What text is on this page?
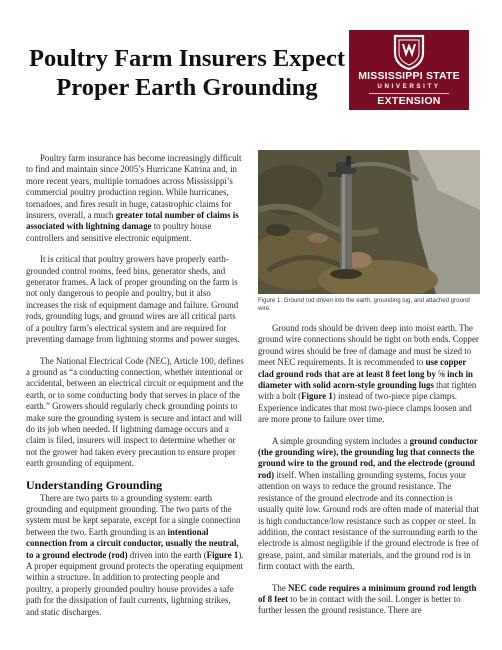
Poultry Farm Insurers Expect
Proper Earth Grounding	MISSISSIPPI STATE
UNIVERSITY
EXTENSION

Poultry farm insurance has become increasingly difficult to find and maintain since 2005’s Hurricane Katrina and, in more recent years, multiple tornadoes across Mississippi’s commercial poultry production region. While hurricanes, tornadoes, and fires result in huge, catastrophic claims for insurers, overall, a much greater total number of claims is associated with lightning damage to poultry house controllers and sensitive electronic equipment.

It is critical that poultry growers have properly earth-grounded control rooms, feed bins, generator sheds, and generator frames. A lack of proper grounding on the farm is not only dangerous to people and poultry, but it also increases the risk of equipment damage and failure. Ground rods, grounding lugs, and ground wires are all critical parts of a poultry farm’s electrical system and are required for preventing damage from lightning storms and power surges.

The National Electrical Code (NEC), Article 100, defines a ground as “a conducting connection, whether intentional or accidental, between an electrical circuit or equipment and the earth, or to some conducting body that serves in place of the earth.” Growers should regularly check grounding points to make sure the grounding system is secure and intact and will do its job when needed. If lightning damage occurs and a claim is filed, insurers will inspect to determine whether or not the grower had taken every precaution to ensure proper earth grounding of equipment.

Understanding Grounding

There are two parts to a grounding system: earth grounding and equipment grounding. The two parts of the system must be kept separate, except for a single connection between the two. Earth grounding is an intentional connection from a circuit conductor, usually the neutral, to a ground electrode (rod) driven into the earth (Figure 1). A proper equipment ground protects the operating equipment within a structure. In addition to protecting people and poultry, a properly grounded poultry house provides a safe path for the dissipation of fault currents, lightning strikes, and static discharges.

Figure 1. Ground rod driven into the earth, grounding lug, and attached ground wire.

Ground rods should be driven deep into moist earth. The ground wire connections should be tight on both ends. Copper ground wires should be free of damage and must be sized to meet NEC requirements. It is recommended to use copper clad ground rods that are at least 8 feet long by ⅝ inch in diameter with solid acorn-style grounding lugs that tighten with a bolt (Figure 1) instead of two-piece pipe clamps. Experience indicates that most two-piece clamps loosen and are more prone to failure over time.

A simple grounding system includes a ground conductor (the grounding wire), the grounding lug that connects the ground wire to the ground rod, and the electrode (ground rod) itself. When installing grounding systems, focus your attention on ways to reduce the ground resistance. The resistance of the ground electrode and its connection is usually quite low. Ground rods are often made of material that is high conductance/low resistance such as copper or steel. In addition, the contact resistance of the surrounding earth to the electrode is almost negligible if the ground electrode is free of grease, paint, and similar materials, and the ground rod is in firm contact with the earth.

The NEC code requires a minimum ground rod length of 8 feet to be in contact with the soil. Longer is better to further lessen the ground resistance. There are
